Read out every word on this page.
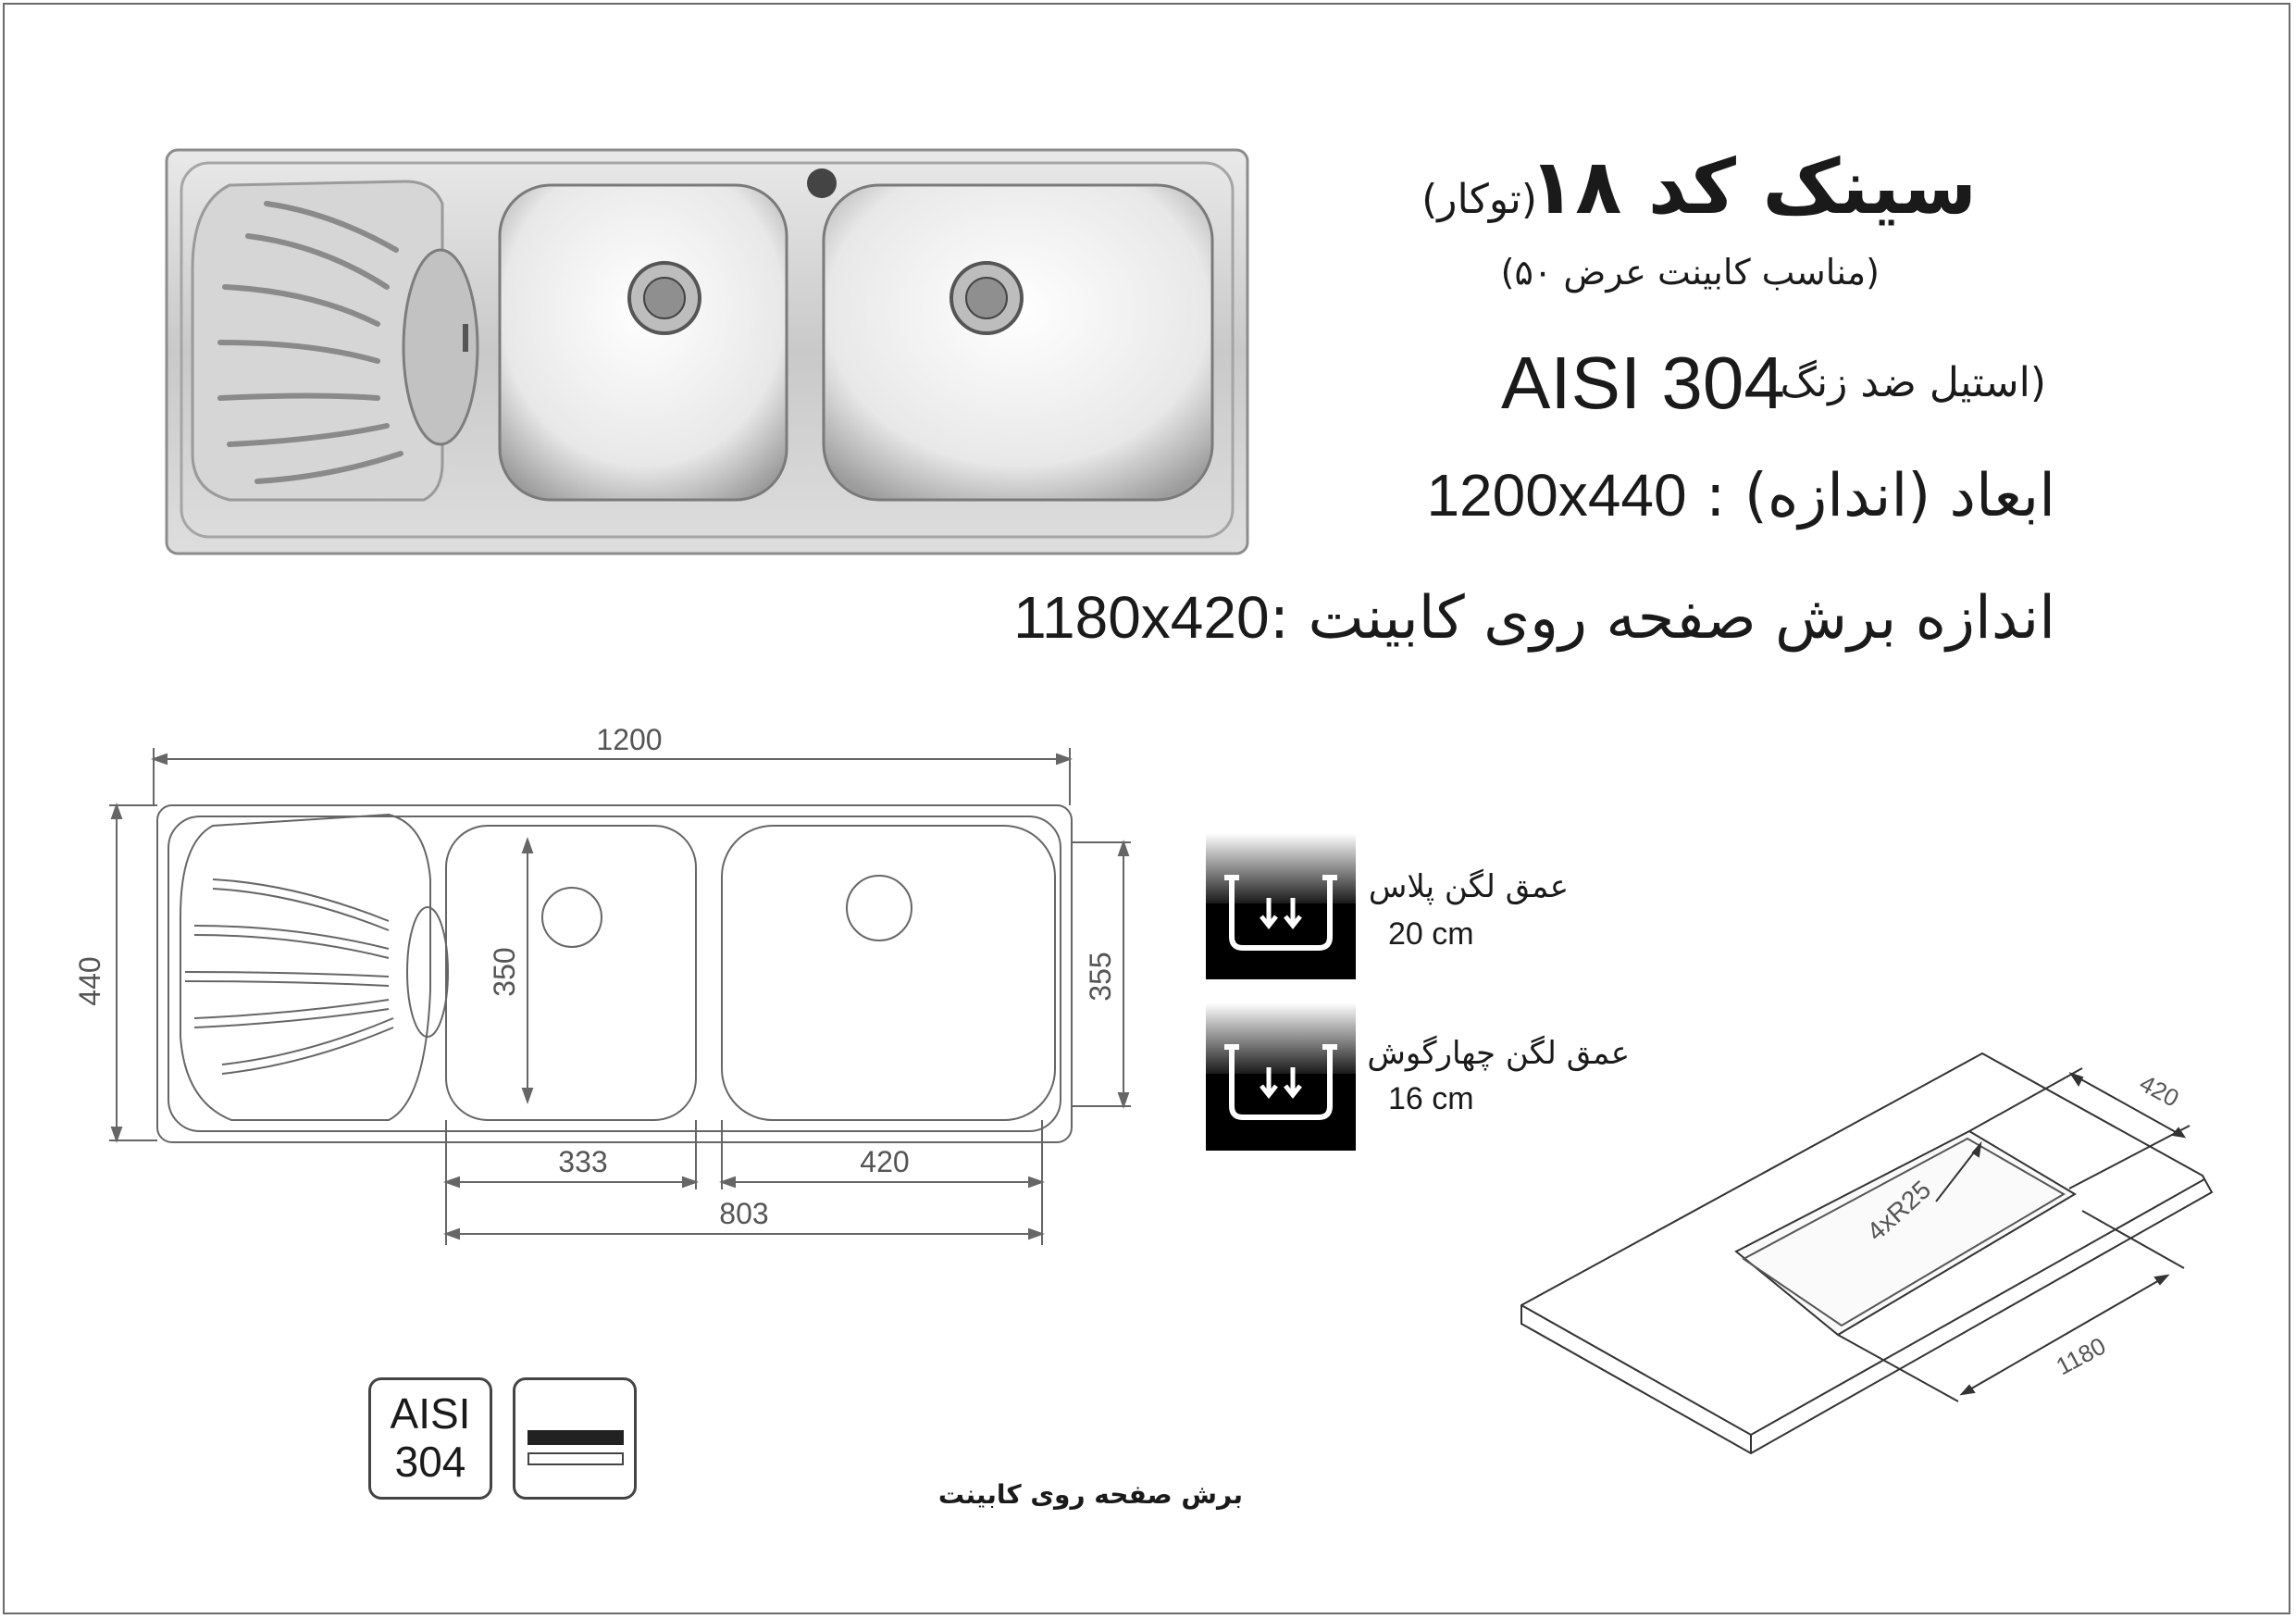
سینک کد ۱۸
(توکار)
(مناسب کابینت عرض ۵۰)
(استیل ضد زنگ
AISI 304
1200x440 : ابعاد (اندازه)
1180x420: اندازه برش صفحه روی کابینت
1200
440	350	355
333	420
803
عمق لگن پلاس
20 cm
عمق لگن چهارگوش
16 cm
AISI
304
420
1180
4xR25
برش صفحه روی کابینت
